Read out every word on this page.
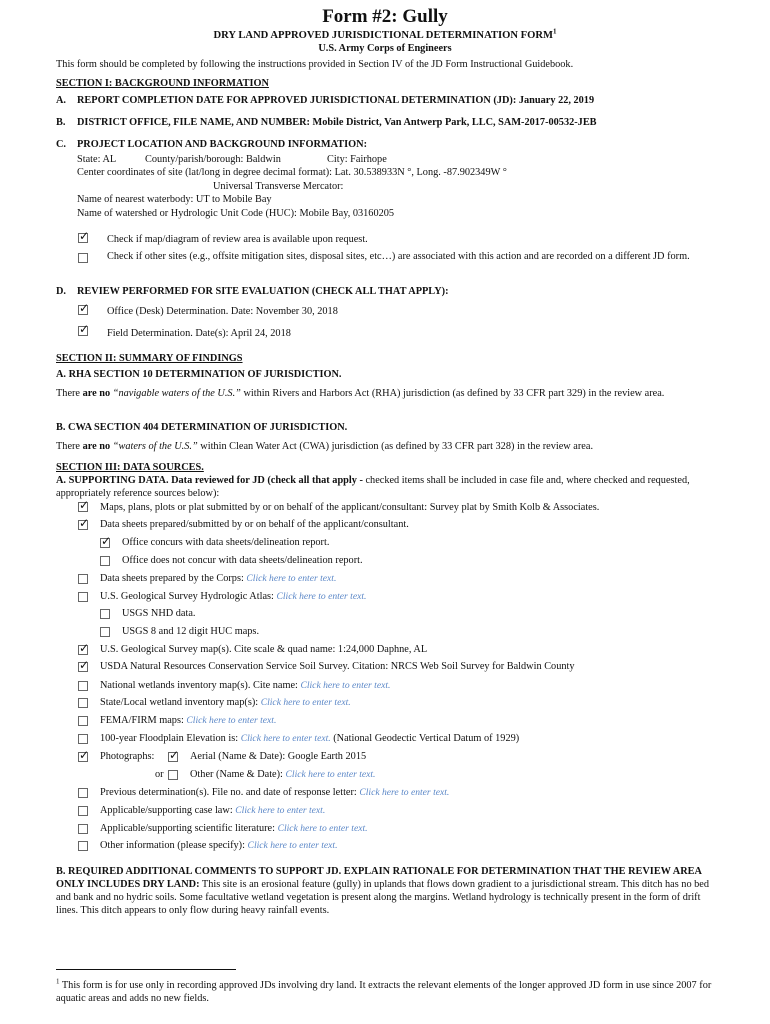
Form #2: Gully
DRY LAND APPROVED JURISDICTIONAL DETERMINATION FORM$^1$
U.S. Army Corps of Engineers
This form should be completed by following the instructions provided in Section IV of the JD Form Instructional Guidebook.
SECTION I: BACKGROUND INFORMATION
A. REPORT COMPLETION DATE FOR APPROVED JURISDICTIONAL DETERMINATION (JD): January 22, 2019
B. DISTRICT OFFICE, FILE NAME, AND NUMBER: Mobile District, Van Antwerp Park, LLC, SAM-2017-00532-JEB
C. PROJECT LOCATION AND BACKGROUND INFORMATION:
State: AL	County/parish/borough: Baldwin	City: Fairhope
Center coordinates of site (lat/long in degree decimal format): Lat. 30.538933N °, Long. -87.902349W °
Universal Transverse Mercator:
Name of nearest waterbody: UT to Mobile Bay
Name of watershed or Hydrologic Unit Code (HUC): Mobile Bay, 03160205
✓
Check if map/diagram of review area is available upon request.
Check if other sites (e.g., offsite mitigation sites, disposal sites, etc…) are associated with this action and are recorded on a different JD form.
D. REVIEW PERFORMED FOR SITE EVALUATION (CHECK ALL THAT APPLY):
✓
Office (Desk) Determination. Date: November 30, 2018
✓
Field Determination. Date(s): April 24, 2018
SECTION II: SUMMARY OF FINDINGS
A. RHA SECTION 10 DETERMINATION OF JURISDICTION.
There are no “navigable waters of the U.S.” within Rivers and Harbors Act (RHA) jurisdiction (as defined by 33 CFR part 329) in the review area.
B. CWA SECTION 404 DETERMINATION OF JURISDICTION.
There are no “waters of the U.S.” within Clean Water Act (CWA) jurisdiction (as defined by 33 CFR part 328) in the review area.
SECTION III: DATA SOURCES.
A. SUPPORTING DATA. Data reviewed for JD (check all that apply - checked items shall be included in case file and, where checked and requested, appropriately reference sources below):
✓
Maps, plans, plots or plat submitted by or on behalf of the applicant/consultant: Survey plat by Smith Kolb & Associates.
✓
Data sheets prepared/submitted by or on behalf of the applicant/consultant.
✓
Office concurs with data sheets/delineation report.
Office does not concur with data sheets/delineation report.
Data sheets prepared by the Corps: Click here to enter text.
U.S. Geological Survey Hydrologic Atlas: Click here to enter text.
USGS NHD data.
USGS 8 and 12 digit HUC maps.
✓
U.S. Geological Survey map(s). Cite scale & quad name: 1:24,000 Daphne, AL
✓
USDA Natural Resources Conservation Service Soil Survey. Citation: NRCS Web Soil Survey for Baldwin County
National wetlands inventory map(s). Cite name: Click here to enter text.
State/Local wetland inventory map(s): Click here to enter text.
FEMA/FIRM maps: Click here to enter text.
100-year Floodplain Elevation is: Click here to enter text. (National Geodectic Vertical Datum of 1929)
✓
Photographs:
✓	Aerial (Name & Date): Google Earth 2015
or	Other (Name & Date): Click here to enter text.
Previous determination(s). File no. and date of response letter: Click here to enter text.
Applicable/supporting case law: Click here to enter text.
Applicable/supporting scientific literature: Click here to enter text.
Other information (please specify): Click here to enter text.
B. REQUIRED ADDITIONAL COMMENTS TO SUPPORT JD. EXPLAIN RATIONALE FOR DETERMINATION THAT THE REVIEW AREA ONLY INCLUDES DRY LAND: This site is an erosional feature (gully) in uplands that flows down gradient to a jurisdictional stream. This ditch has no bed and bank and no hydric soils. Some facultative wetland vegetation is present along the margins. Wetland hydrology is technically present in the form of drift lines. This ditch appears to only flow during heavy rainfall events.
$^1$ This form is for use only in recording approved JDs involving dry land. It extracts the relevant elements of the longer approved JD form in use since 2007 for aquatic areas and adds no new fields.
